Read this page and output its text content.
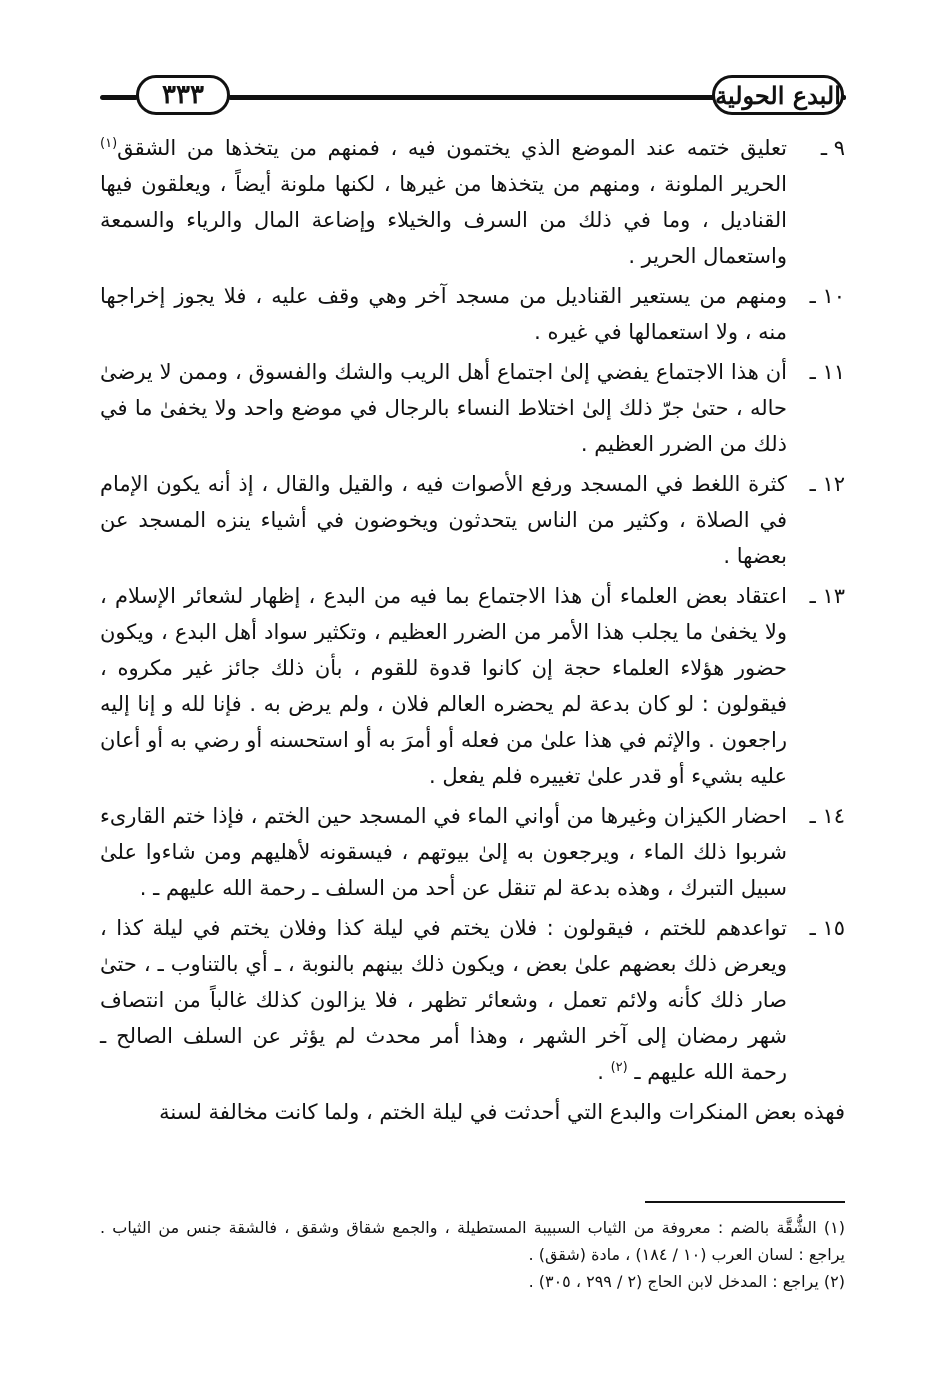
٣٣٣	البدع الحولية
٩ ـ
تعليق ختمه عند الموضع الذي يختمون فيه ، فمنهم من يتخذها من الشقق$^{(١)}$ الحرير الملونة ، ومنهم من يتخذها من غيرها ، لكنها ملونة أيضاً ، ويعلقون فيها القناديل ، وما في ذلك من السرف والخيلاء وإضاعة المال والرياء والسمعة واستعمال الحرير .
١٠ ـ
ومنهم من يستعير القناديل من مسجد آخر وهي وقف عليه ، فلا يجوز إخراجها منه ، ولا استعمالها في غيره .
١١ ـ
أن هذا الاجتماع يفضي إلىٰ اجتماع أهل الريب والشك والفسوق ، وممن لا يرضىٰ حاله ، حتىٰ جرّ ذلك إلىٰ اختلاط النساء بالرجال في موضع واحد ولا يخفىٰ ما في ذلك من الضرر العظيم .
١٢ ـ
كثرة اللغط في المسجد ورفع الأصوات فيه ، والقيل والقال ، إذ أنه يكون الإمام في الصلاة ، وكثير من الناس يتحدثون ويخوضون في أشياء ينزه المسجد عن بعضها .
١٣ ـ
اعتقاد بعض العلماء أن هذا الاجتماع بما فيه من البدع ، إظهار لشعائر الإسلام ، ولا يخفىٰ ما يجلب هذا الأمر من الضرر العظيم ، وتكثير سواد أهل البدع ، ويكون حضور هؤلاء العلماء حجة إن كانوا قدوة للقوم ، بأن ذلك جائز غير مكروه ، فيقولون : لو كان بدعة لم يحضره العالم فلان ، ولم يرض به . فإنا لله و إنا إليه راجعون . والإثم في هذا علىٰ من فعله أو أمرَ به أو استحسنه أو رضي به أو أعان عليه بشيء أو قدر علىٰ تغييره فلم يفعل .
١٤ ـ
احضار الكيزان وغيرها من أواني الماء في المسجد حين الختم ، فإذا ختم القارىء شربوا ذلك الماء ، ويرجعون به إلىٰ بيوتهم ، فيسقونه لأهليهم ومن شاءوا علىٰ سبيل التبرك ، وهذه بدعة لم تنقل عن أحد من السلف ـ رحمة الله عليهم ـ .
١٥ ـ
تواعدهم للختم ، فيقولون : فلان يختم في ليلة كذا وفلان يختم في ليلة كذا ، ويعرض ذلك بعضهم علىٰ بعض ، ويكون ذلك بينهم بالنوبة ، ـ أي بالتناوب ـ ، حتىٰ صار ذلك كأنه ولائم تعمل ، وشعائر تظهر ، فلا يزالون كذلك غالباً من انتصاف شهر رمضان إلى آخر الشهر ، وهذا أمر محدث لم يؤثر عن السلف الصالح ـ رحمة الله عليهم ـ $^{(٢)}$ .

فهذه بعض المنكرات والبدع التي أحدثت في ليلة الختم ، ولما كانت مخالفة لسنة

(١) الشُّقَّة بالضم : معروفة من الثياب السبيبة المستطيلة ، والجمع شقاق وشقق ، فالشقة جنس من الثياب . يراجع : لسان العرب (١٠ / ١٨٤) ، مادة (شقق) .

(٢) يراجع : المدخل لابن الحاج (٢ / ٢٩٩ ، ٣٠٥) .
